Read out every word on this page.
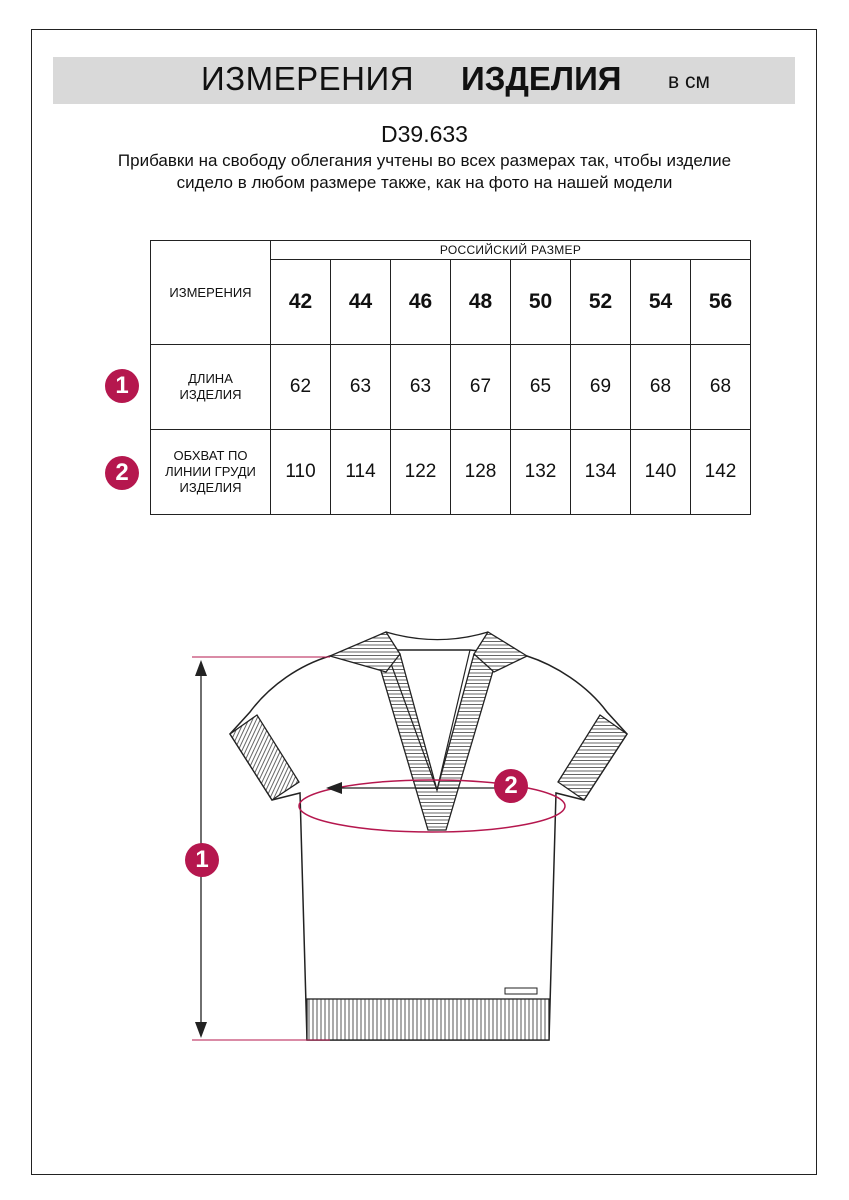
ИЗМЕРЕНИЯ ИЗДЕЛИЯ в см
D39.633
Прибавки на свободу облегания учтены во всех размерах так, чтобы изделие сидело в любом размере также, как на фото на нашей модели
ИЗМЕРЕНИЯ	РОССИЙСКИЙ РАЗМЕР							
	42	44	46	48	50	52	54	56
ДЛИНА
ИЗДЕЛИЯ	62	63	63	67	65	69	68	68
ОБХВАТ ПО
ЛИНИИ ГРУДИ
ИЗДЕЛИЯ	110	114	122	128	132	134	140	142
1
2
1
2
